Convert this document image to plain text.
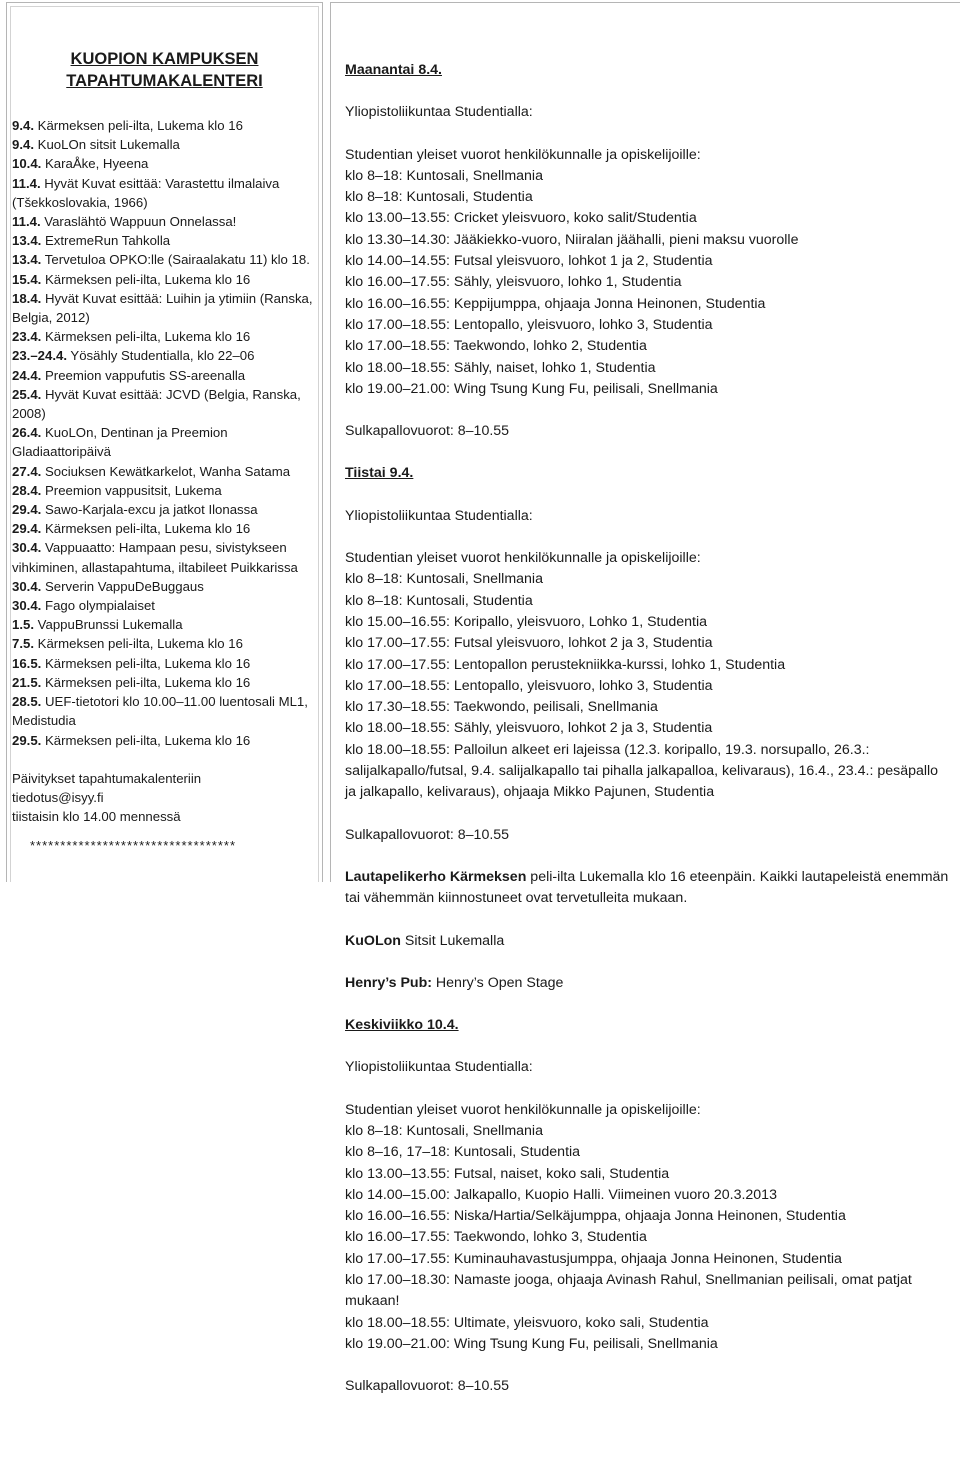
KUOPION KAMPUKSEN
TAPAHTUMAKALENTERI
9.4. Kärmeksen peli-ilta, Lukema klo 16
9.4. KuoLOn sitsit Lukemalla
10.4. KaraÅke, Hyeena
11.4. Hyvät Kuvat esittää: Varastettu ilmalaiva (Tšekkoslovakia, 1966)
11.4. Varaslähtö Wappuun Onnelassa!
13.4. ExtremeRun Tahkolla
13.4. Tervetuloa OPKO:lle (Sairaalakatu 11) klo 18.
15.4. Kärmeksen peli-ilta, Lukema klo 16
18.4. Hyvät Kuvat esittää: Luihin ja ytimiin (Ranska, Belgia, 2012)
23.4. Kärmeksen peli-ilta, Lukema klo 16
23.–24.4. Yösähly Studentialla, klo 22–06
24.4. Preemion vappufutis SS-areenalla
25.4. Hyvät Kuvat esittää: JCVD (Belgia, Ranska, 2008)
26.4. KuoLOn, Dentinan ja Preemion Gladiaattoripäivä
27.4. Sociuksen Kewätkarkelot, Wanha Satama
28.4. Preemion vappusitsit, Lukema
29.4. Sawo-Karjala-excu ja jatkot Ilonassa
29.4. Kärmeksen peli-ilta, Lukema klo 16
30.4. Vappuaatto: Hampaan pesu, sivistykseen vihkiminen, allastapahtuma, iltabileet Puikkarissa
30.4. Serverin VappuDeBuggaus
30.4. Fago olympialaiset
1.5. VappuBrunssi Lukemalla
7.5. Kärmeksen peli-ilta, Lukema klo 16
16.5. Kärmeksen peli-ilta, Lukema klo 16
21.5. Kärmeksen peli-ilta, Lukema klo 16
28.5. UEF-tietotori klo 10.00–11.00 luentosali ML1, Medistudia
29.5. Kärmeksen peli-ilta, Lukema klo 16
Päivitykset tapahtumakalenteriin
tiedotus@isyy.fi
tiistaisin klo 14.00 mennessä
**********************************

Maanantai 8.4.

Yliopistoliikuntaa Studentialla:

Studentian yleiset vuorot henkilökunnalle ja opiskelijoille:

klo 8–18: Kuntosali, Snellmania

klo 8–18: Kuntosali, Studentia

klo 13.00–13.55: Cricket yleisvuoro, koko salit/Studentia

klo 13.30–14.30: Jääkiekko-vuoro, Niiralan jäähalli, pieni maksu vuorolle

klo 14.00–14.55: Futsal yleisvuoro, lohkot 1 ja 2, Studentia

klo 16.00–17.55: Sähly, yleisvuoro, lohko 1, Studentia

klo 16.00–16.55: Keppijumppa, ohjaaja Jonna Heinonen, Studentia

klo 17.00–18.55: Lentopallo, yleisvuoro, lohko 3, Studentia

klo 17.00–18.55: Taekwondo, lohko 2, Studentia

klo 18.00–18.55: Sähly, naiset, lohko 1, Studentia

klo 19.00–21.00: Wing Tsung Kung Fu, peilisali, Snellmania

Sulkapallovuorot: 8–10.55

Tiistai 9.4.

Yliopistoliikuntaa Studentialla:

Studentian yleiset vuorot henkilökunnalle ja opiskelijoille:

klo 8–18: Kuntosali, Snellmania

klo 8–18: Kuntosali, Studentia

klo 15.00–16.55: Koripallo, yleisvuoro, Lohko 1, Studentia

klo 17.00–17.55: Futsal yleisvuoro, lohkot 2 ja 3, Studentia

klo 17.00–17.55: Lentopallon perustekniikka-kurssi, lohko 1, Studentia

klo 17.00–18.55: Lentopallo, yleisvuoro, lohko 3, Studentia

klo 17.30–18.55: Taekwondo, peilisali, Snellmania

klo 18.00–18.55: Sähly, yleisvuoro, lohkot 2 ja 3, Studentia

klo 18.00–18.55: Palloilun alkeet eri lajeissa (12.3. koripallo, 19.3. norsupallo, 26.3.: salijalkapallo/futsal, 9.4. salijalkapallo tai pihalla jalkapalloa, kelivaraus), 16.4., 23.4.: pesäpallo ja jalkapallo, kelivaraus), ohjaaja Mikko Pajunen, Studentia

Sulkapallovuorot: 8–10.55

Lautapelikerho Kärmeksen peli-ilta Lukemalla klo 16 eteenpäin. Kaikki lautapeleistä enemmän tai vähemmän kiinnostuneet ovat tervetulleita mukaan.

KuOLon Sitsit Lukemalla

Henry’s Pub: Henry’s Open Stage

Keskiviikko 10.4.

Yliopistoliikuntaa Studentialla:

Studentian yleiset vuorot henkilökunnalle ja opiskelijoille:

klo 8–18: Kuntosali, Snellmania

klo 8–16, 17–18: Kuntosali, Studentia

klo 13.00–13.55: Futsal, naiset, koko sali, Studentia

klo 14.00–15.00: Jalkapallo, Kuopio Halli. Viimeinen vuoro 20.3.2013

klo 16.00–16.55: Niska/Hartia/Selkäjumppa, ohjaaja Jonna Heinonen, Studentia

klo 16.00–17.55: Taekwondo, lohko 3, Studentia

klo 17.00–17.55: Kuminauhavastusjumppa, ohjaaja Jonna Heinonen, Studentia

klo 17.00–18.30: Namaste jooga, ohjaaja Avinash Rahul, Snellmanian peilisali, omat patjat mukaan!

klo 18.00–18.55: Ultimate, yleisvuoro, koko sali, Studentia

klo 19.00–21.00: Wing Tsung Kung Fu, peilisali, Snellmania

Sulkapallovuorot: 8–10.55
